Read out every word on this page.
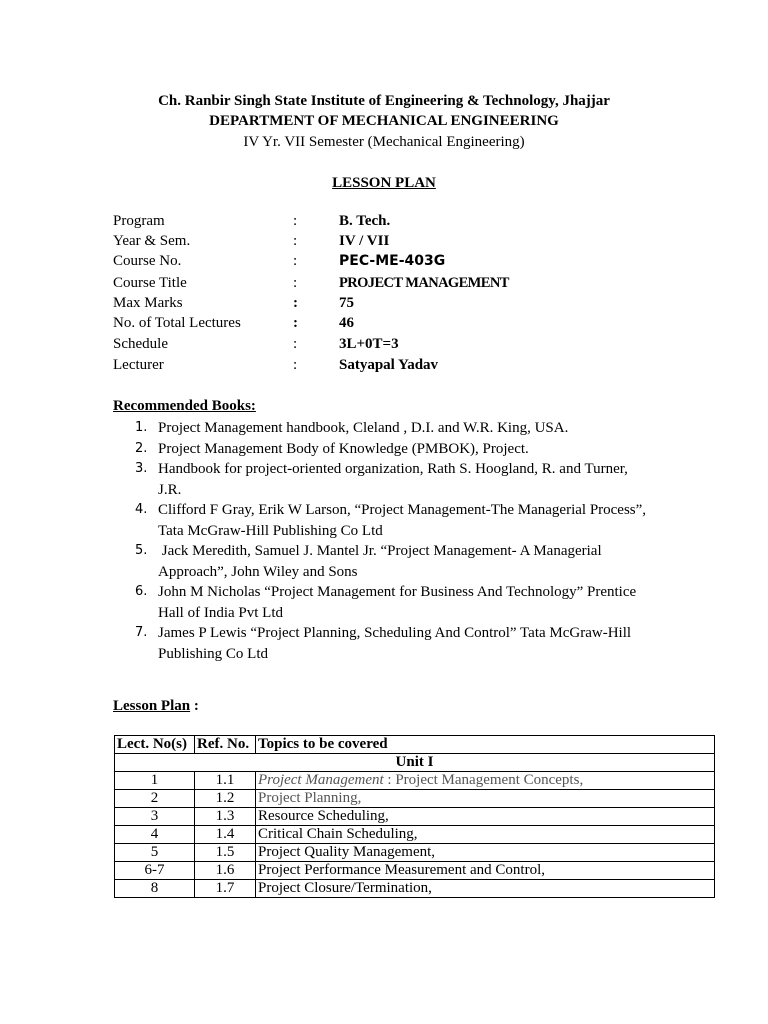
Ch. Ranbir Singh State Institute of Engineering & Technology, Jhajjar
DEPARTMENT OF MECHANICAL ENGINEERING
IV Yr. VII Semester (Mechanical Engineering)
LESSON PLAN
Program	:	B. Tech.
Year & Sem.	:	IV / VII
Course No.	:	PEC-ME-403G
Course Title	:	PROJECT MANAGEMENT
Max Marks	:	75
No. of Total Lectures	:	46
Schedule	:	3L+0T=3
Lecturer	:	Satyapal Yadav
Recommended Books:
1. Project Management handbook, Cleland , D.I. and W.R. King, USA.
2. Project Management Body of Knowledge (PMBOK), Project.
3. Handbook for project-oriented organization, Rath S. Hoogland, R. and Turner,
J.R.
4. Clifford F Gray, Erik W Larson, “Project Management-The Managerial Process”,
Tata McGraw-Hill Publishing Co Ltd
5. Jack Meredith, Samuel J. Mantel Jr. “Project Management- A Managerial
Approach”, John Wiley and Sons
6. John M Nicholas “Project Management for Business And Technology” Prentice
Hall of India Pvt Ltd
7. James P Lewis “Project Planning, Scheduling And Control” Tata McGraw-Hill
Publishing Co Ltd
Lesson Plan :
Lect. No(s)	Ref. No.	Topics to be covered
Unit I		
1	1.1	Project Management : Project Management Concepts,
2	1.2	Project Planning,
3	1.3	Resource Scheduling,
4	1.4	Critical Chain Scheduling,
5	1.5	Project Quality Management,
6-7	1.6	Project Performance Measurement and Control,
8	1.7	Project Closure/Termination,
